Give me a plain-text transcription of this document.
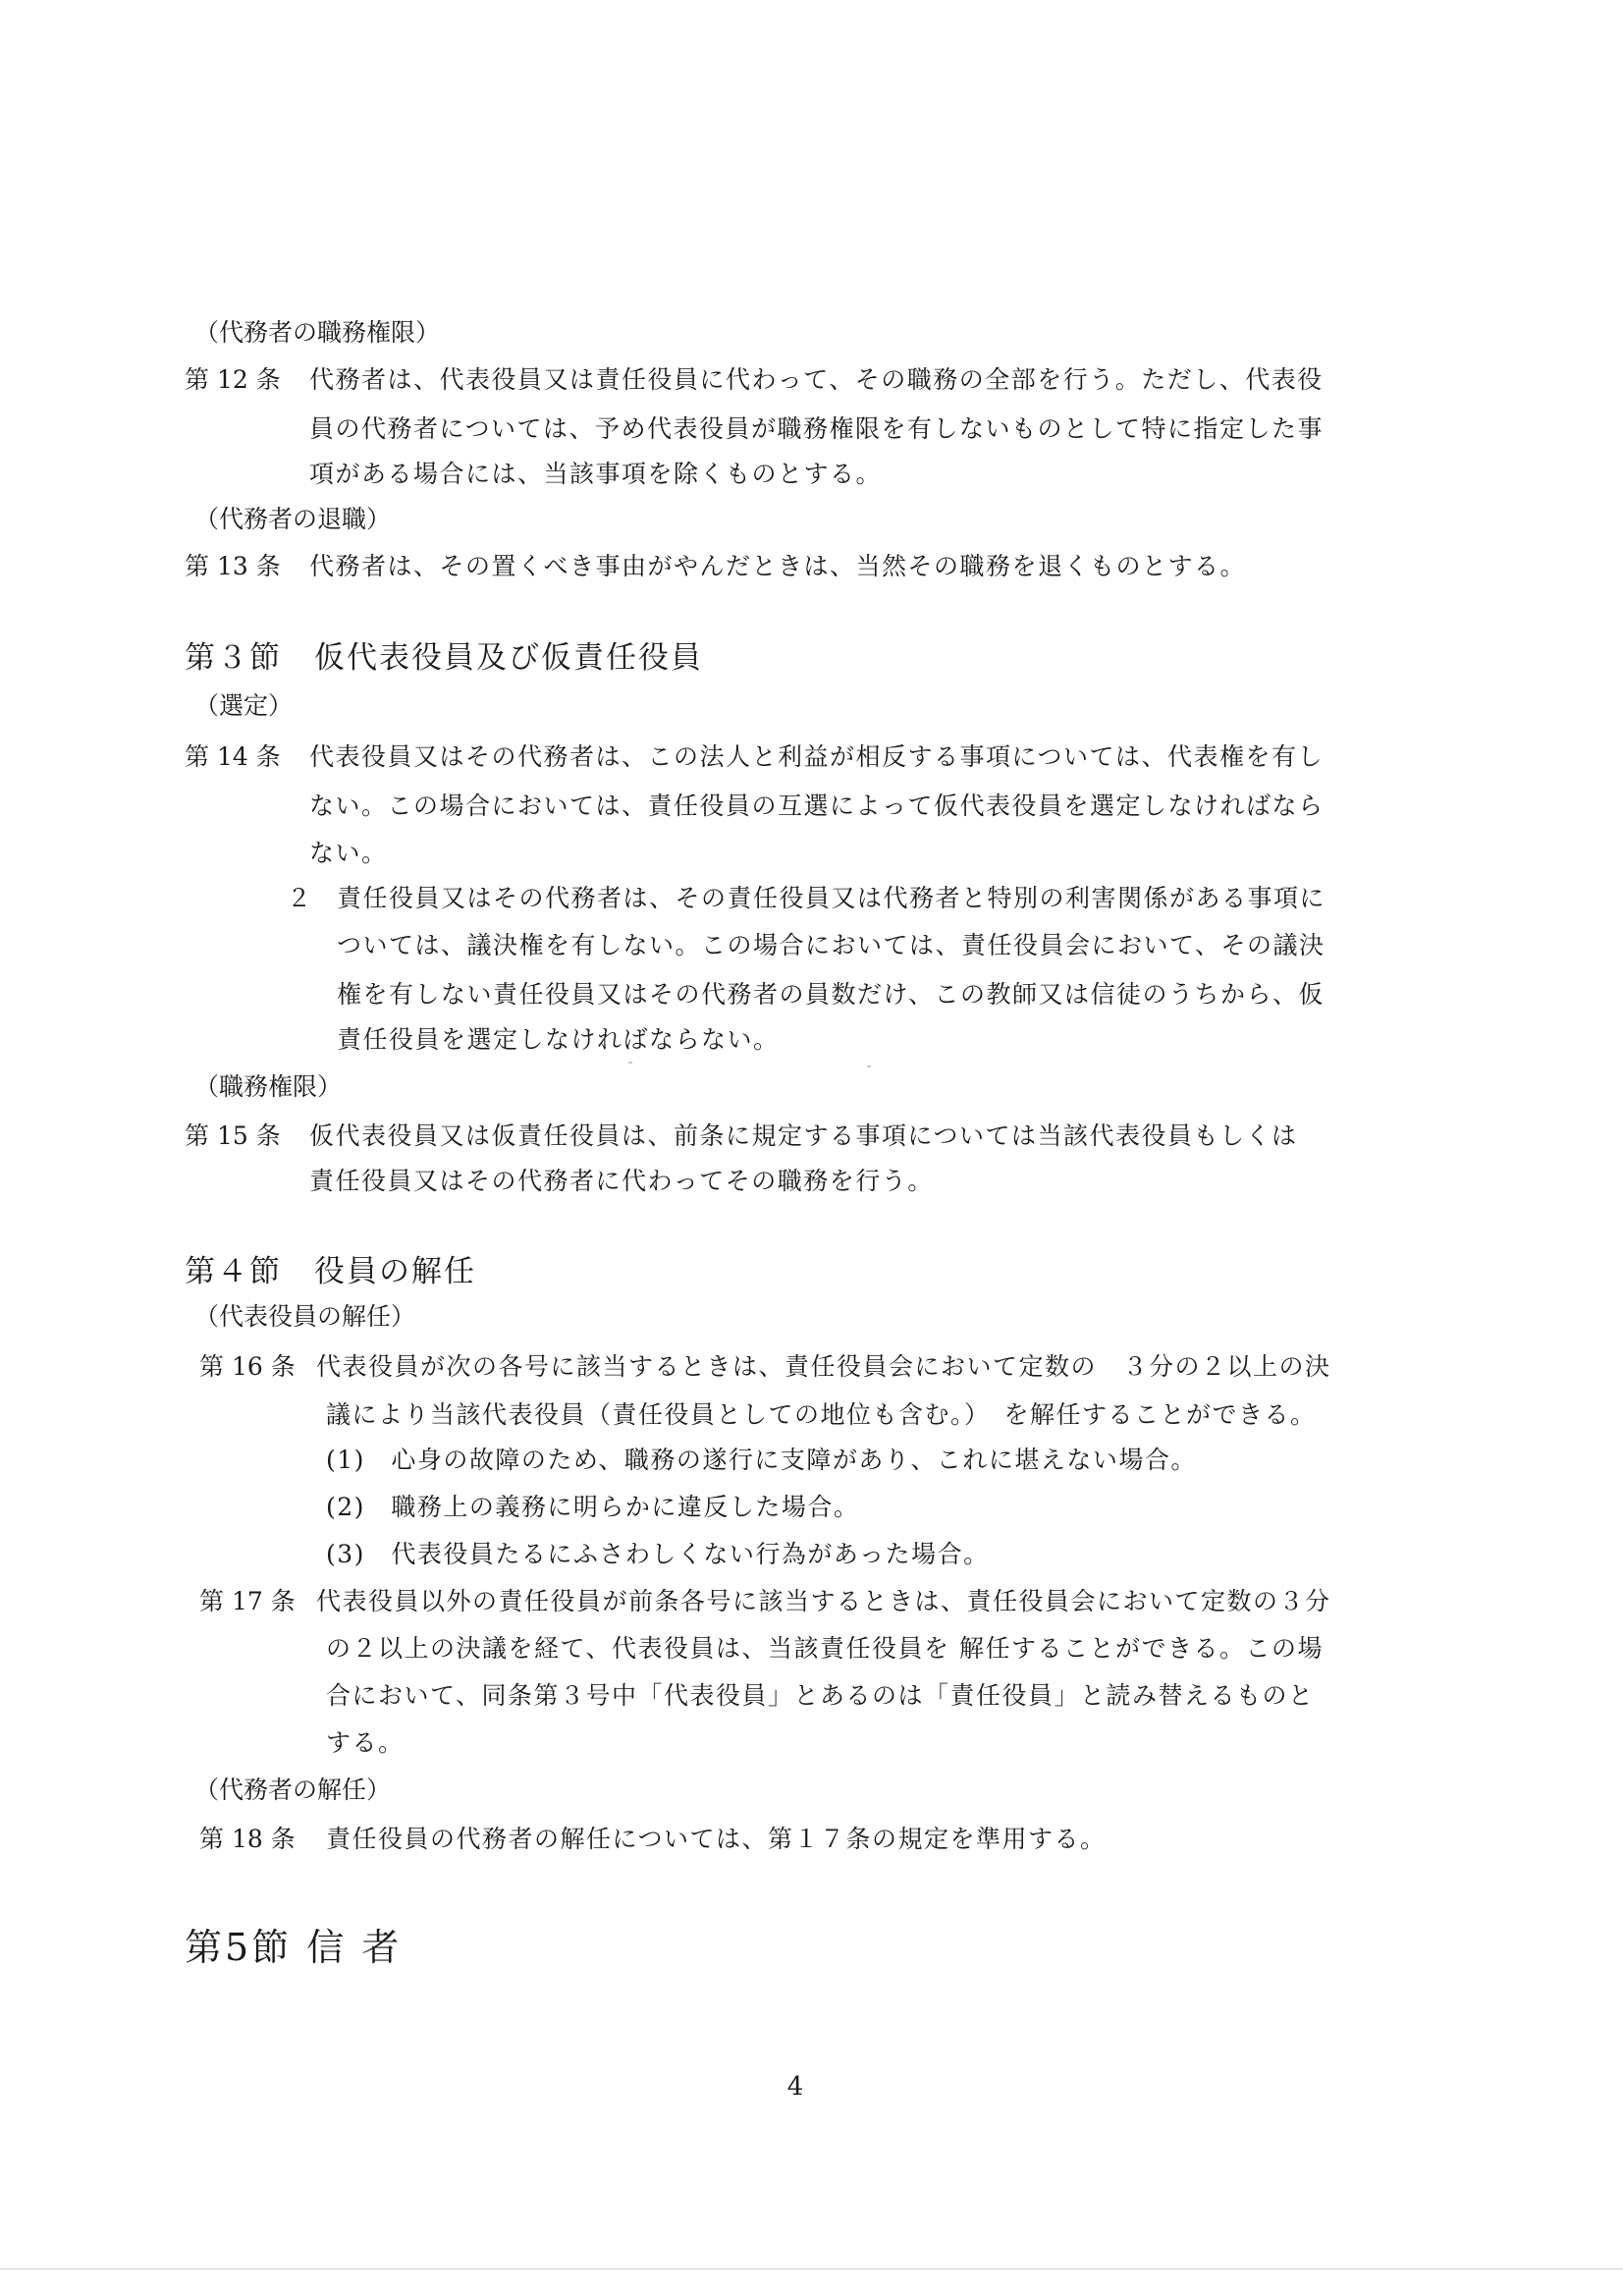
（代務者の職務権限）
第 12 条 代務者は、代表役員又は責任役員に代わって、その職務の全部を行う。ただし、代表役
員の代務者については、予め代表役員が職務権限を有しないものとして特に指定した事
項がある場合には、当該事項を除くものとする。
（代務者の退職）
第 13 条 代務者は、その置くべき事由がやんだときは、当然その職務を退くものとする。
第３節　仮代表役員及び仮責任役員
（選定）
第 14 条 代表役員又はその代務者は、この法人と利益が相反する事項については、代表権を有し
ない。この場合においては、責任役員の互選によって仮代表役員を選定しなければなら
ない。
２ 責任役員又はその代務者は、その責任役員又は代務者と特別の利害関係がある事項に
ついては、議決権を有しない。この場合においては、責任役員会において、その議決
権を有しない責任役員又はその代務者の員数だけ、この教師又は信徒のうちから、仮
責任役員を選定しなければならない。
（職務権限）
第 15 条 仮代表役員又は仮責任役員は、前条に規定する事項については当該代表役員もしくは
責任役員又はその代務者に代わってその職務を行う。
第４節　役員の解任
（代表役員の解任）
第 16 条 代表役員が次の各号に該当するときは、責任役員会において定数の　３分の２以上の決
議により当該代表役員（責任役員としての地位も含む。）　を解任することができる。
(1)　心身の故障のため、職務の遂行に支障があり、これに堪えない場合。
(2)　職務上の義務に明らかに違反した場合。
(3)　代表役員たるにふさわしくない行為があった場合。
第 17 条 代表役員以外の責任役員が前条各号に該当するときは、責任役員会において定数の３分
の２以上の決議を経て、代表役員は、当該責任役員を 解任することができる。この場
合において、同条第３号中「代表役員」とあるのは「責任役員」と読み替えるものと
する。
（代務者の解任）
第 18 条 責任役員の代務者の解任については、第１７条の規定を準用する。
第5節 信 者
4
